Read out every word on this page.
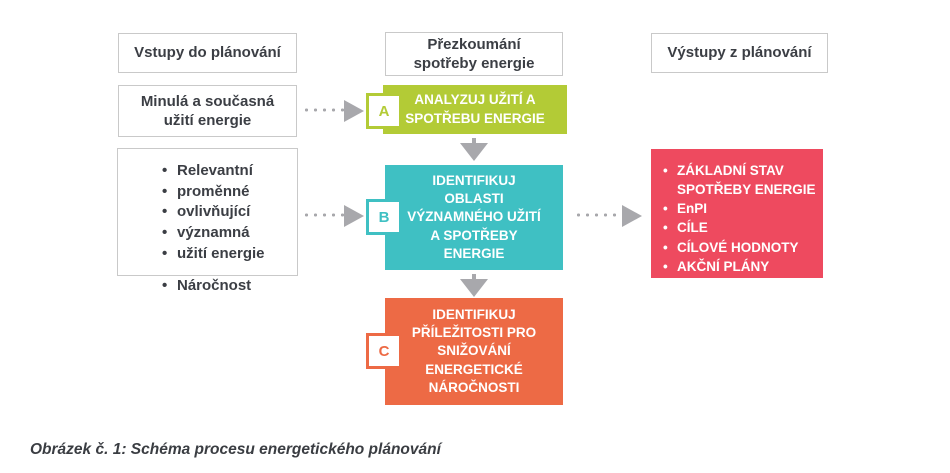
Vstupy do plánování
Přezkoumání spotřeby energie
Výstupy z plánování
Minulá a současná užití energie
• Relevantní
• proměnné
• ovlivňující
• významná
• užití energie
• Náročnost
ANALYZUJ UŽITÍ A SPOTŘEBU ENERGIE
A
IDENTIFIKUJ OBLASTI VÝZNAMNÉHO UŽITÍ A SPOTŘEBY ENERGIE
B
IDENTIFIKUJ PŘÍLEŽITOSTI PRO SNIŽOVÁNÍ ENERGETICKÉ NÁROČNOSTI
C
• ZÁKLADNÍ STAV SPOTŘEBY ENERGIE
• EnPI
• CÍLE
• CÍLOVÉ HODNOTY
• AKČNÍ PLÁNY
Obrázek č. 1: Schéma procesu energetického plánování
